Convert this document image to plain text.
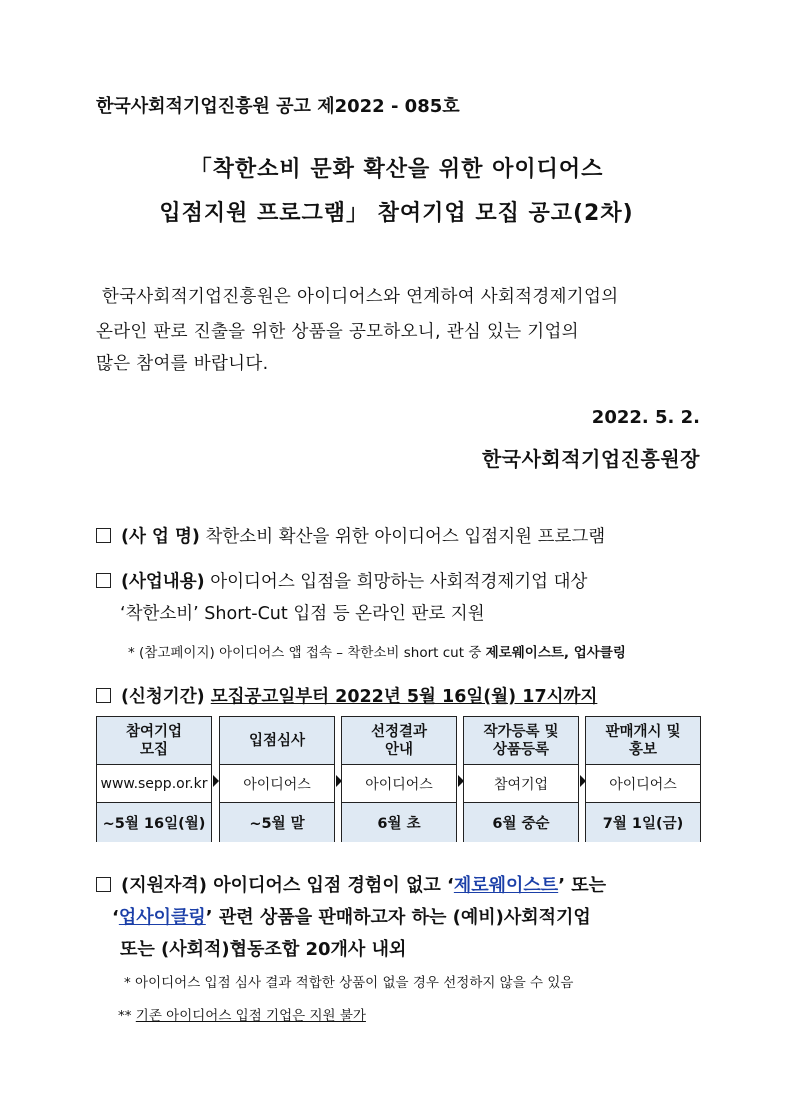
한국사회적기업진흥원 공고 제2022 - 085호
「착한소비 문화 확산을 위한 아이디어스
입점지원 프로그램」 참여기업 모집 공고(2차)
한국사회적기업진흥원은 아이디어스와 연계하여 사회적경제기업의
온라인 판로 진출을 위한 상품을 공모하오니, 관심 있는 기업의
많은 참여를 바랍니다.
2022. 5. 2.
한국사회적기업진흥원장
(사 업 명) 착한소비 확산을 위한 아이디어스 입점지원 프로그램
(사업내용) 아이디어스 입점을 희망하는 사회적경제기업 대상
‘착한소비’ Short-Cut 입점 등 온라인 판로 지원
* (참고페이지) 아이디어스 앱 접속 – 착한소비 short cut 중 제로웨이스트, 업사클링
(신청기간) 모집공고일부터 2022년 5월 16일(월) 17시까지
참여기업
모집
www.sepp.or.kr
~5월 16일(월)
입점심사
아이디어스
~5월 말
선정결과
안내
아이디어스
6월 초
작가등록 및
상품등록
참여기업
6월 중순
판매개시 및
홍보
아이디어스
7월 1일(금)
(지원자격) 아이디어스 입점 경험이 없고 ‘제로웨이스트’ 또는
‘업사이클링’ 관련 상품을 판매하고자 하는 (예비)사회적기업
또는 (사회적)협동조합 20개사 내외
* 아이디어스 입점 심사 결과 적합한 상품이 없을 경우 선정하지 않을 수 있음
** 기존 아이디어스 입점 기업은 지원 불가
